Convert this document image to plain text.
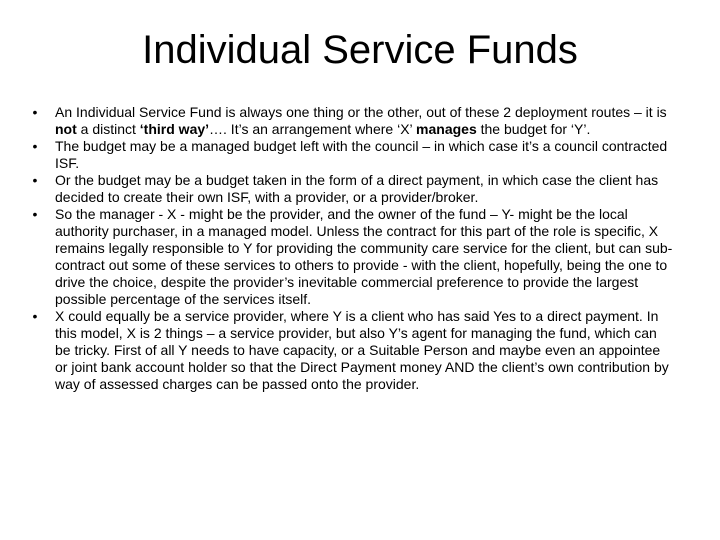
Individual Service Funds
• An Individual Service Fund is always one thing or the other, out of these 2 deployment routes – it is not a distinct ‘third way’…. It’s an arrangement where ‘X’ manages the budget for ‘Y’.
• The budget may be a managed budget left with the council – in which case it’s a council contracted ISF.
• Or the budget may be a budget taken in the form of a direct payment, in which case the client has decided to create their own ISF, with a provider, or a provider/broker.
• So the manager - X - might be the provider, and the owner of the fund – Y- might be the local authority purchaser, in a managed model. Unless the contract for this part of the role is specific, X remains legally responsible to Y for providing the community care service for the client, but can sub-contract out some of these services to others to provide - with the client, hopefully, being the one to drive the choice, despite the provider’s inevitable commercial preference to provide the largest possible percentage of the services itself.
• X could equally be a service provider, where Y is a client who has said Yes to a direct payment. In this model, X is 2 things – a service provider, but also Y’s agent for managing the fund, which can be tricky. First of all Y needs to have capacity, or a Suitable Person and maybe even an appointee or joint bank account holder so that the Direct Payment money AND the client’s own contribution by way of assessed charges can be passed onto the provider.
